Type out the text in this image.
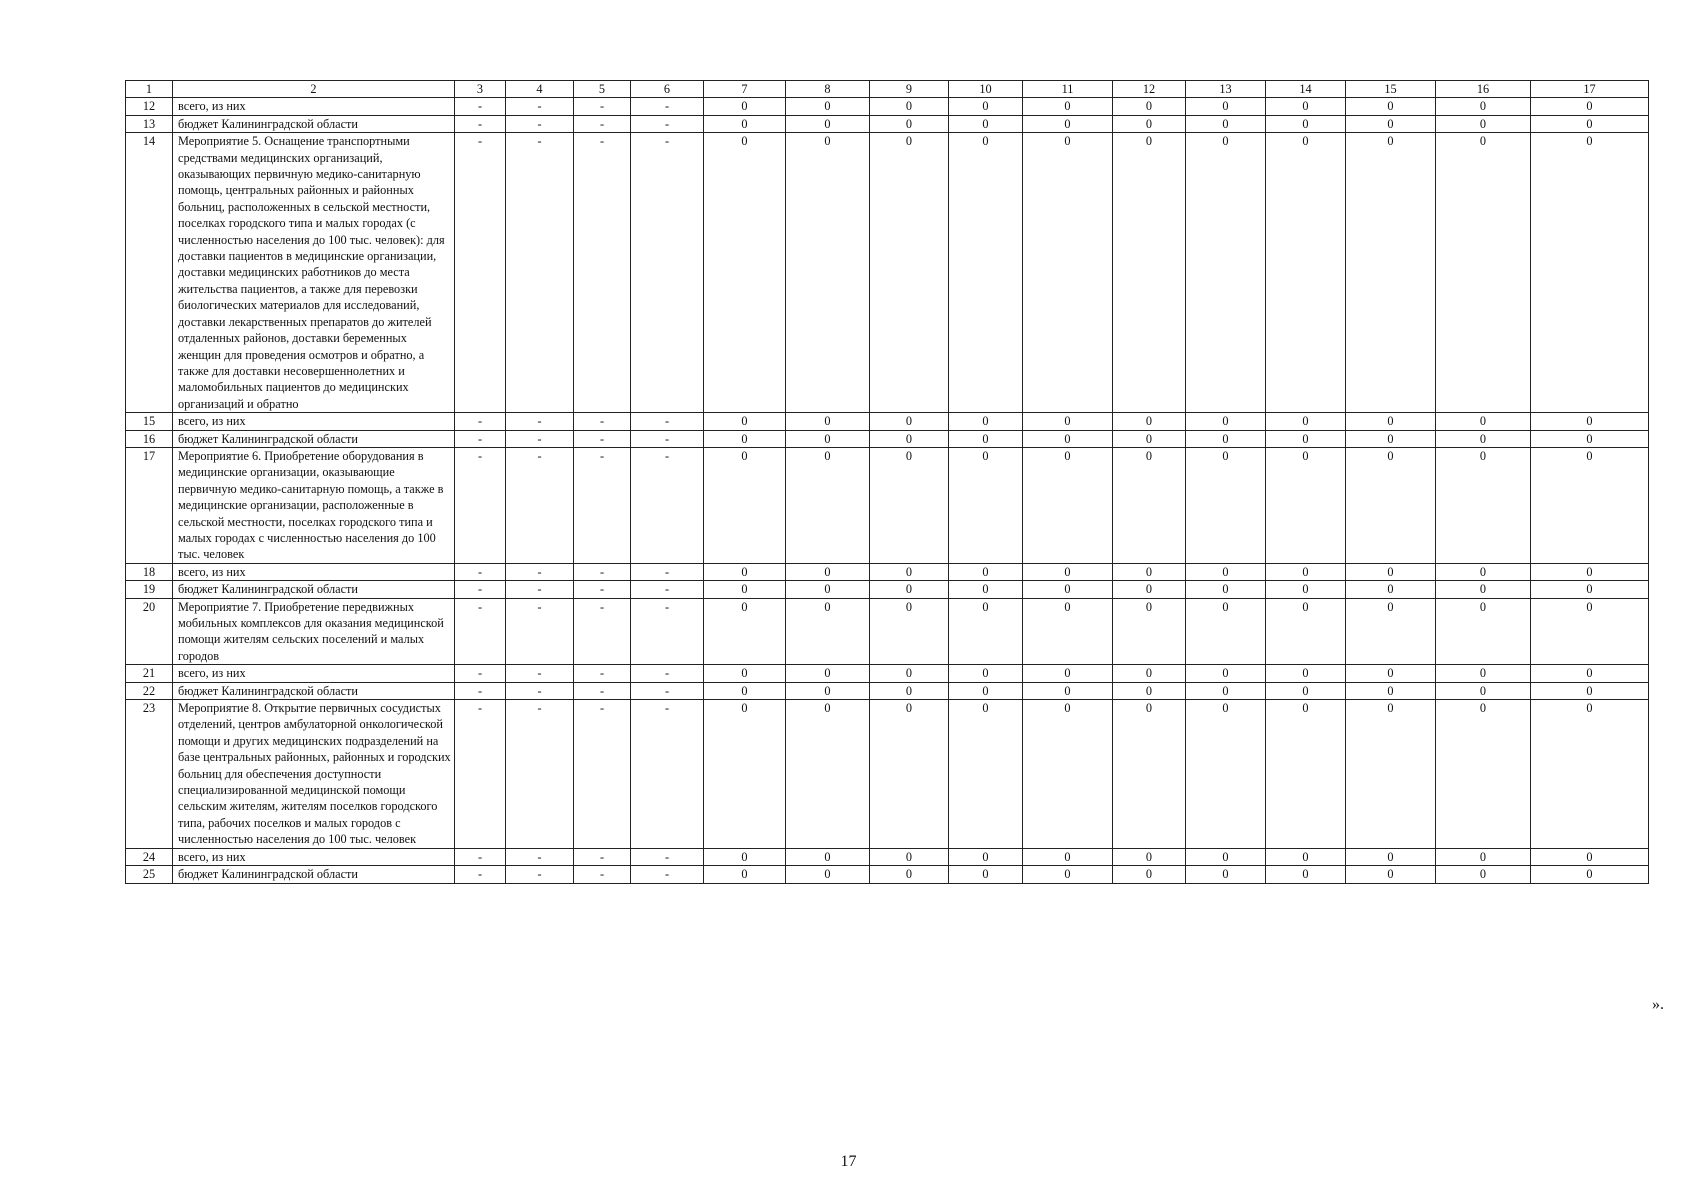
1	2	3	4	5	6	7	8	9	10	11	12	13	14	15	16	17
12	всего, из них	-	-	-	-	0	0	0	0	0	0	0	0	0	0	0
13	бюджет Калининградской области	-	-	-	-	0	0	0	0	0	0	0	0	0	0	0
14	Мероприятие 5. Оснащение транспортными средствами медицинских организаций, оказывающих первичную медико-санитарную помощь, центральных районных и районных больниц, расположенных в сельской местности, поселках городского типа и малых городах (с численностью населения до 100 тыс. человек): для доставки пациентов в медицинские организации, доставки медицинских работников до места жительства пациентов, а также для перевозки биологических материалов для исследований, доставки лекарственных препаратов до жителей отдаленных районов, доставки беременных женщин для проведения осмотров и обратно, а также для доставки несовершеннолетних и маломобильных пациентов до медицинских организаций и обратно	-	-	-	-	0	0	0	0	0	0	0	0	0	0	0
15	всего, из них	-	-	-	-	0	0	0	0	0	0	0	0	0	0	0
16	бюджет Калининградской области	-	-	-	-	0	0	0	0	0	0	0	0	0	0	0
17	Мероприятие 6. Приобретение оборудования в медицинские организации, оказывающие первичную медико-санитарную помощь, а также в медицинские организации, расположенные в сельской местности, поселках городского типа и малых городах с численностью населения до 100 тыс. человек	-	-	-	-	0	0	0	0	0	0	0	0	0	0	0
18	всего, из них	-	-	-	-	0	0	0	0	0	0	0	0	0	0	0
19	бюджет Калининградской области	-	-	-	-	0	0	0	0	0	0	0	0	0	0	0
20	Мероприятие 7. Приобретение передвижных мобильных комплексов для оказания медицинской помощи жителям сельских поселений и малых городов	-	-	-	-	0	0	0	0	0	0	0	0	0	0	0
21	всего, из них	-	-	-	-	0	0	0	0	0	0	0	0	0	0	0
22	бюджет Калининградской области	-	-	-	-	0	0	0	0	0	0	0	0	0	0	0
23	Мероприятие 8. Открытие первичных сосудистых отделений, центров амбулаторной онкологической помощи и других медицинских подразделений на базе центральных районных, районных и городских больниц для обеспечения доступности специализированной медицинской помощи сельским жителям, жителям поселков городского типа, рабочих поселков и малых городов с численностью населения до 100 тыс. человек	-	-	-	-	0	0	0	0	0	0	0	0	0	0	0
24	всего, из них	-	-	-	-	0	0	0	0	0	0	0	0	0	0	0
25	бюджет Калининградской области	-	-	-	-	0	0	0	0	0	0	0	0	0	0	0
».
17
